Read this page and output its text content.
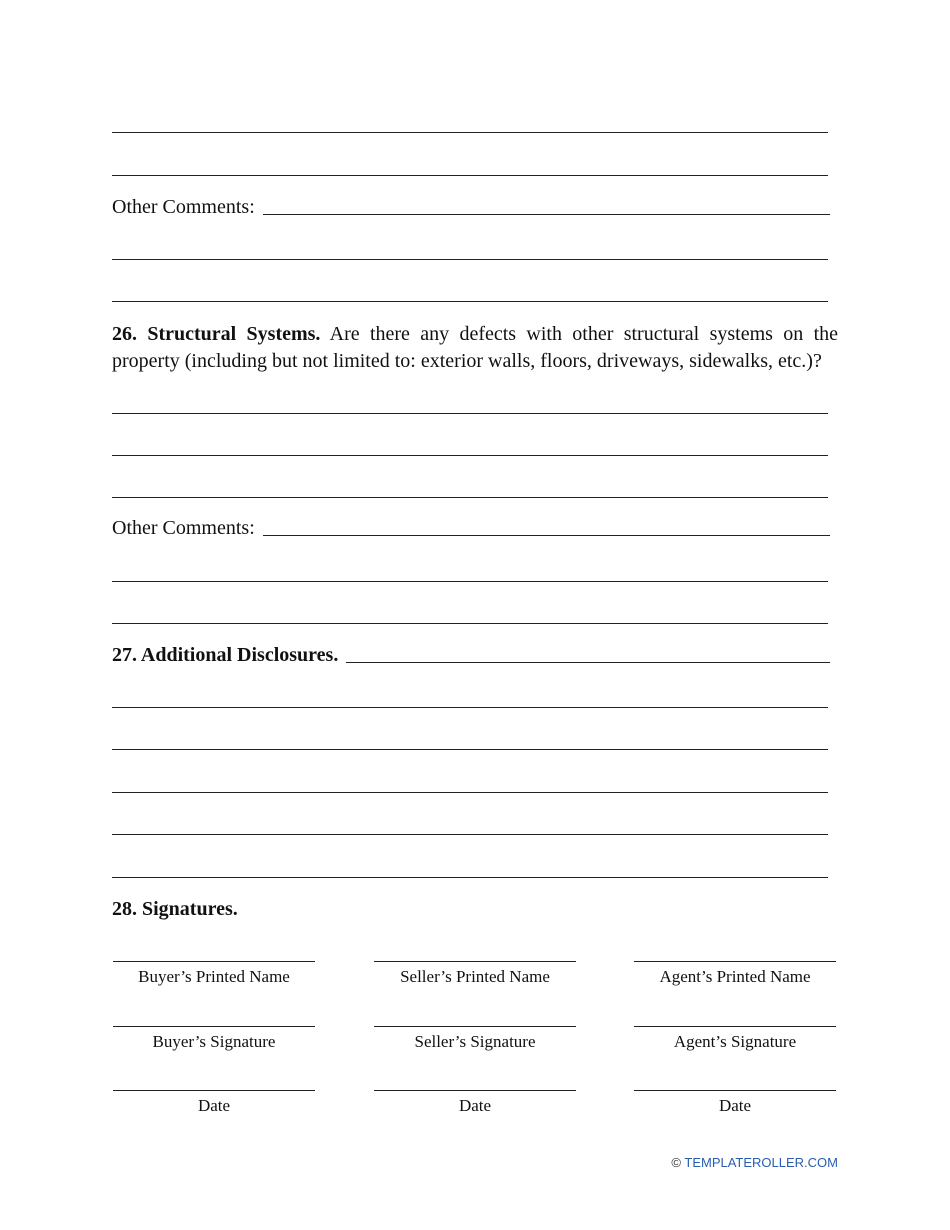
Other Comments:
26. Structural Systems. Are there any defects with other structural systems on the property (including but not limited to: exterior walls, floors, driveways, sidewalks, etc.)?
Other Comments:
27. Additional Disclosures.
28. Signatures.
Buyer’s Printed Name
Buyer’s Signature
Date
Seller’s Printed Name
Seller’s Signature
Date
Agent’s Printed Name
Agent’s Signature
Date
© TEMPLATEROLLER.COM
